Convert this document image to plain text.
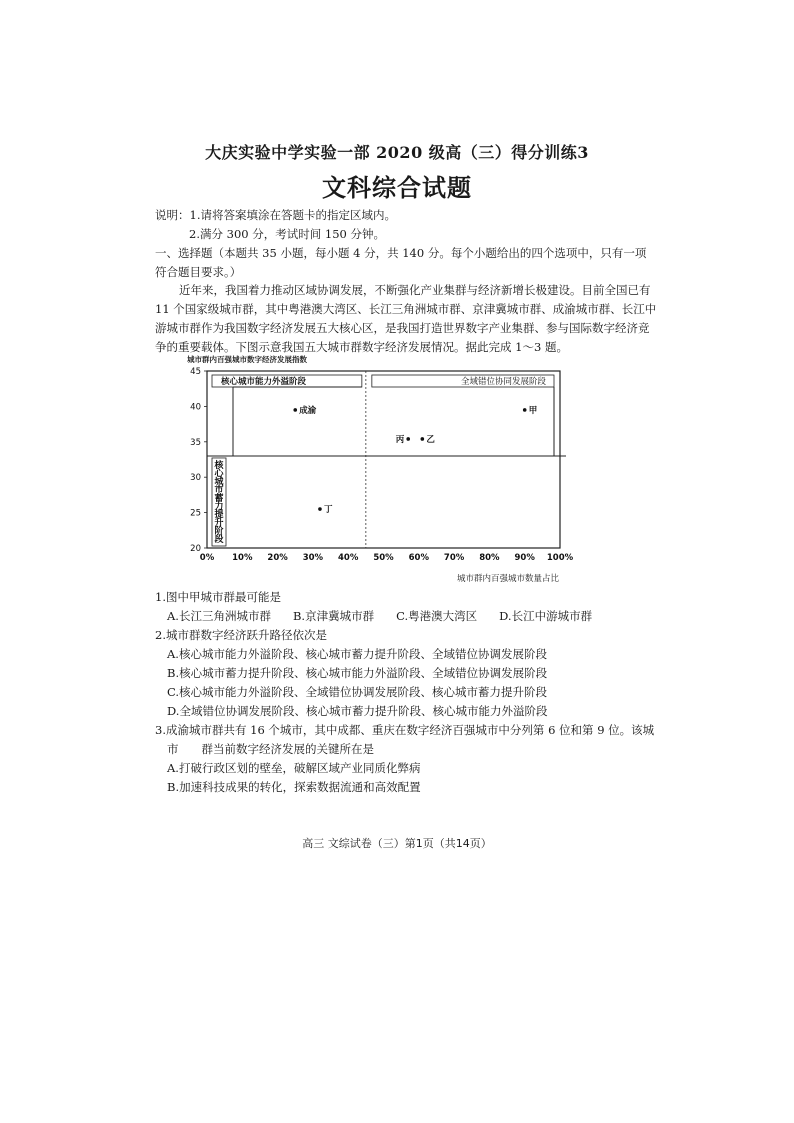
大庆实验中学实验一部 2020 级高（三）得分训练3
文科综合试题
说明：1.请将答案填涂在答题卡的指定区域内。
2.满分 300 分，考试时间 150 分钟。
一、选择题（本题共 35 小题，每小题 4 分，共 140 分。每个小题给出的四个选项中，只有一项
符合题目要求。）
近年来，我国着力推动区域协调发展，不断强化产业集群与经济新增长极建设。目前全国已有
11 个国家级城市群，其中粤港澳大湾区、长江三角洲城市群、京津冀城市群、成渝城市群、长江中
游城市群作为我国数字经济发展五大核心区，是我国打造世界数字产业集群、参与国际数字经济竞
争的重要载体。下图示意我国五大城市群数字经济发展情况。据此完成 1～3 题。
城市群内百强城市数字经济发展指数
城市群内百强城市数量占比
核心城市能力外溢阶段	全域错位协同发展阶段
核心城市蓄力提升阶段
0% 10% 20% 30% 40% 50% 60% 70% 80% 90% 100%
20
25
30
35
40
45
成渝	甲
丙	乙
丁
1.图中甲城市群最可能是
A.长江三角洲城市群 B.京津冀城市群 C.粤港澳大湾区 D.长江中游城市群
2.城市群数字经济跃升路径依次是
A.核心城市能力外溢阶段、核心城市蓄力提升阶段、全域错位协调发展阶段
B.核心城市蓄力提升阶段、核心城市能力外溢阶段、全域错位协调发展阶段
C.核心城市能力外溢阶段、全域错位协调发展阶段、核心城市蓄力提升阶段
D.全域错位协调发展阶段、核心城市蓄力提升阶段、核心城市能力外溢阶段
3.成渝城市群共有 16 个城市，其中成都、重庆在数字经济百强城市中分列第 6 位和第 9 位。该城
市　　群当前数字经济发展的关键所在是
A.打破行政区划的壁垒，破解区域产业同质化弊病
B.加速科技成果的转化，探索数据流通和高效配置
高三 文综试卷（三）第1页（共14页）
